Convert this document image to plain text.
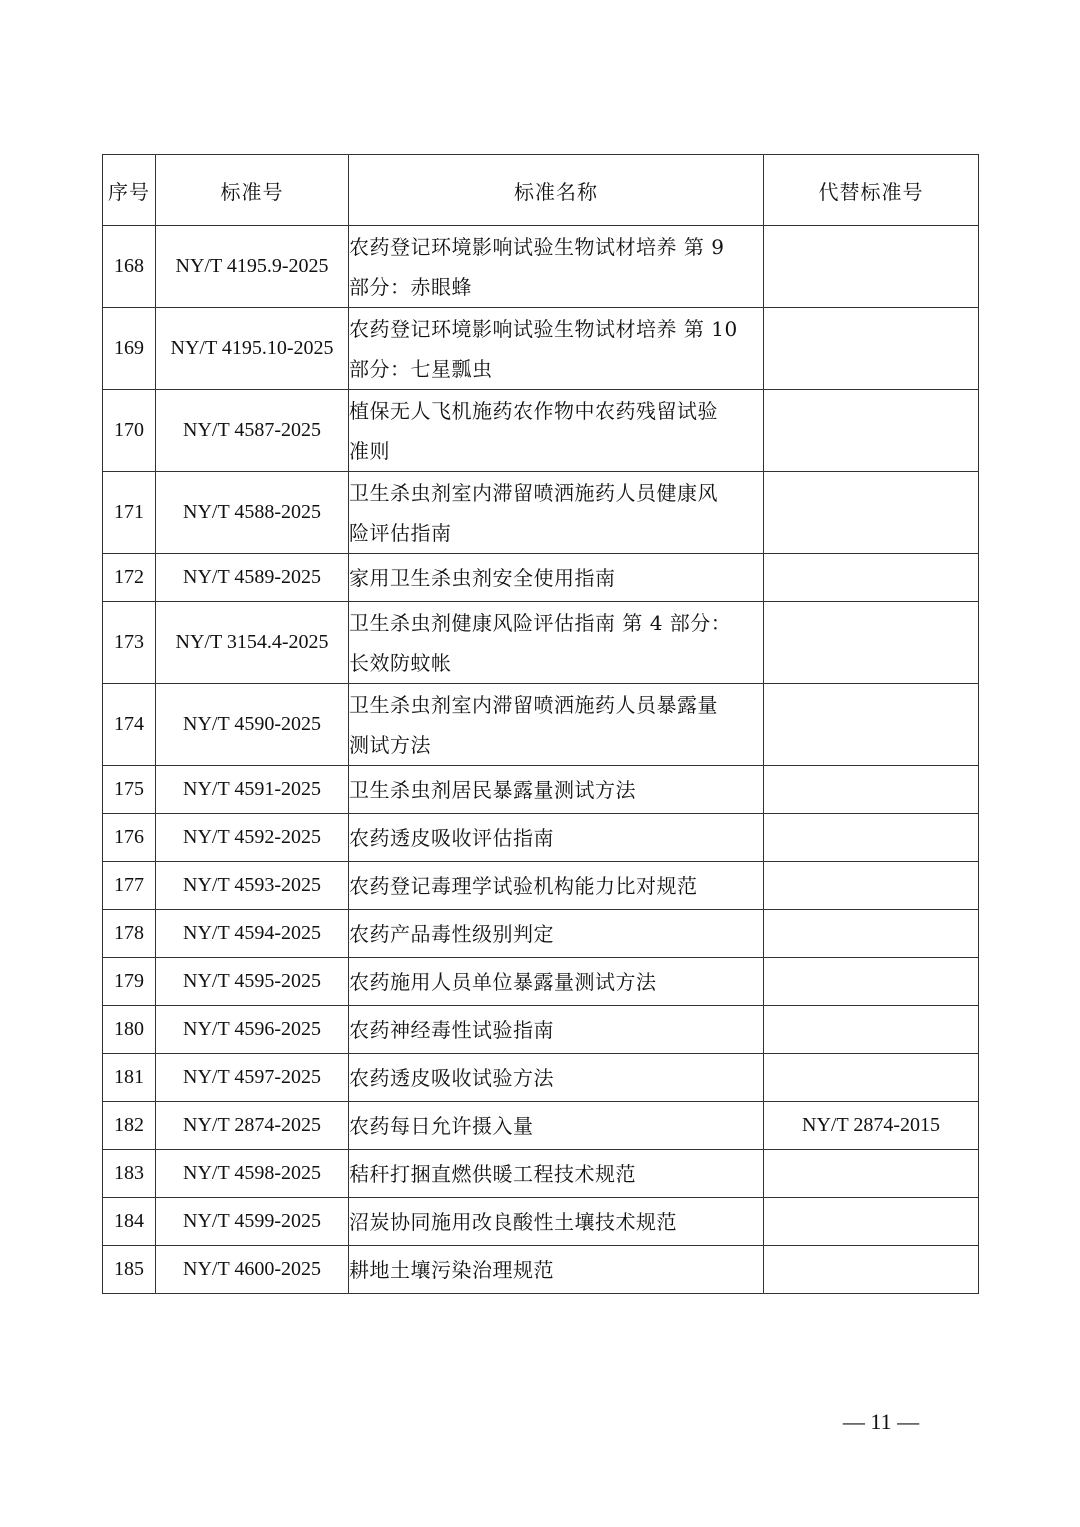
序号	标准号	标准名称	代替标准号
168	NY/T 4195.9-2025	农药登记环境影响试验生物试材培养 第 9
部分：赤眼蜂	

169	NY/T 4195.10-2025	农药登记环境影响试验生物试材培养 第 10
部分：七星瓢虫	

170	NY/T 4587-2025	植保无人飞机施药农作物中农药残留试验
准则	

171	NY/T 4588-2025	卫生杀虫剂室内滞留喷洒施药人员健康风
险评估指南	

172	NY/T 4589-2025	家用卫生杀虫剂安全使用指南	

173	NY/T 3154.4-2025	卫生杀虫剂健康风险评估指南 第 4 部分：
长效防蚊帐	

174	NY/T 4590-2025	卫生杀虫剂室内滞留喷洒施药人员暴露量
测试方法	

175	NY/T 4591-2025	卫生杀虫剂居民暴露量测试方法	

176	NY/T 4592-2025	农药透皮吸收评估指南	

177	NY/T 4593-2025	农药登记毒理学试验机构能力比对规范	

178	NY/T 4594-2025	农药产品毒性级别判定	

179	NY/T 4595-2025	农药施用人员单位暴露量测试方法	

180	NY/T 4596-2025	农药神经毒性试验指南	

181	NY/T 4597-2025	农药透皮吸收试验方法	

182	NY/T 2874-2025	农药每日允许摄入量	NY/T 2874-2015
183	NY/T 4598-2025	秸秆打捆直燃供暖工程技术规范	

184	NY/T 4599-2025	沼炭协同施用改良酸性土壤技术规范	

185	NY/T 4600-2025	耕地土壤污染治理规范	

— 11 —
